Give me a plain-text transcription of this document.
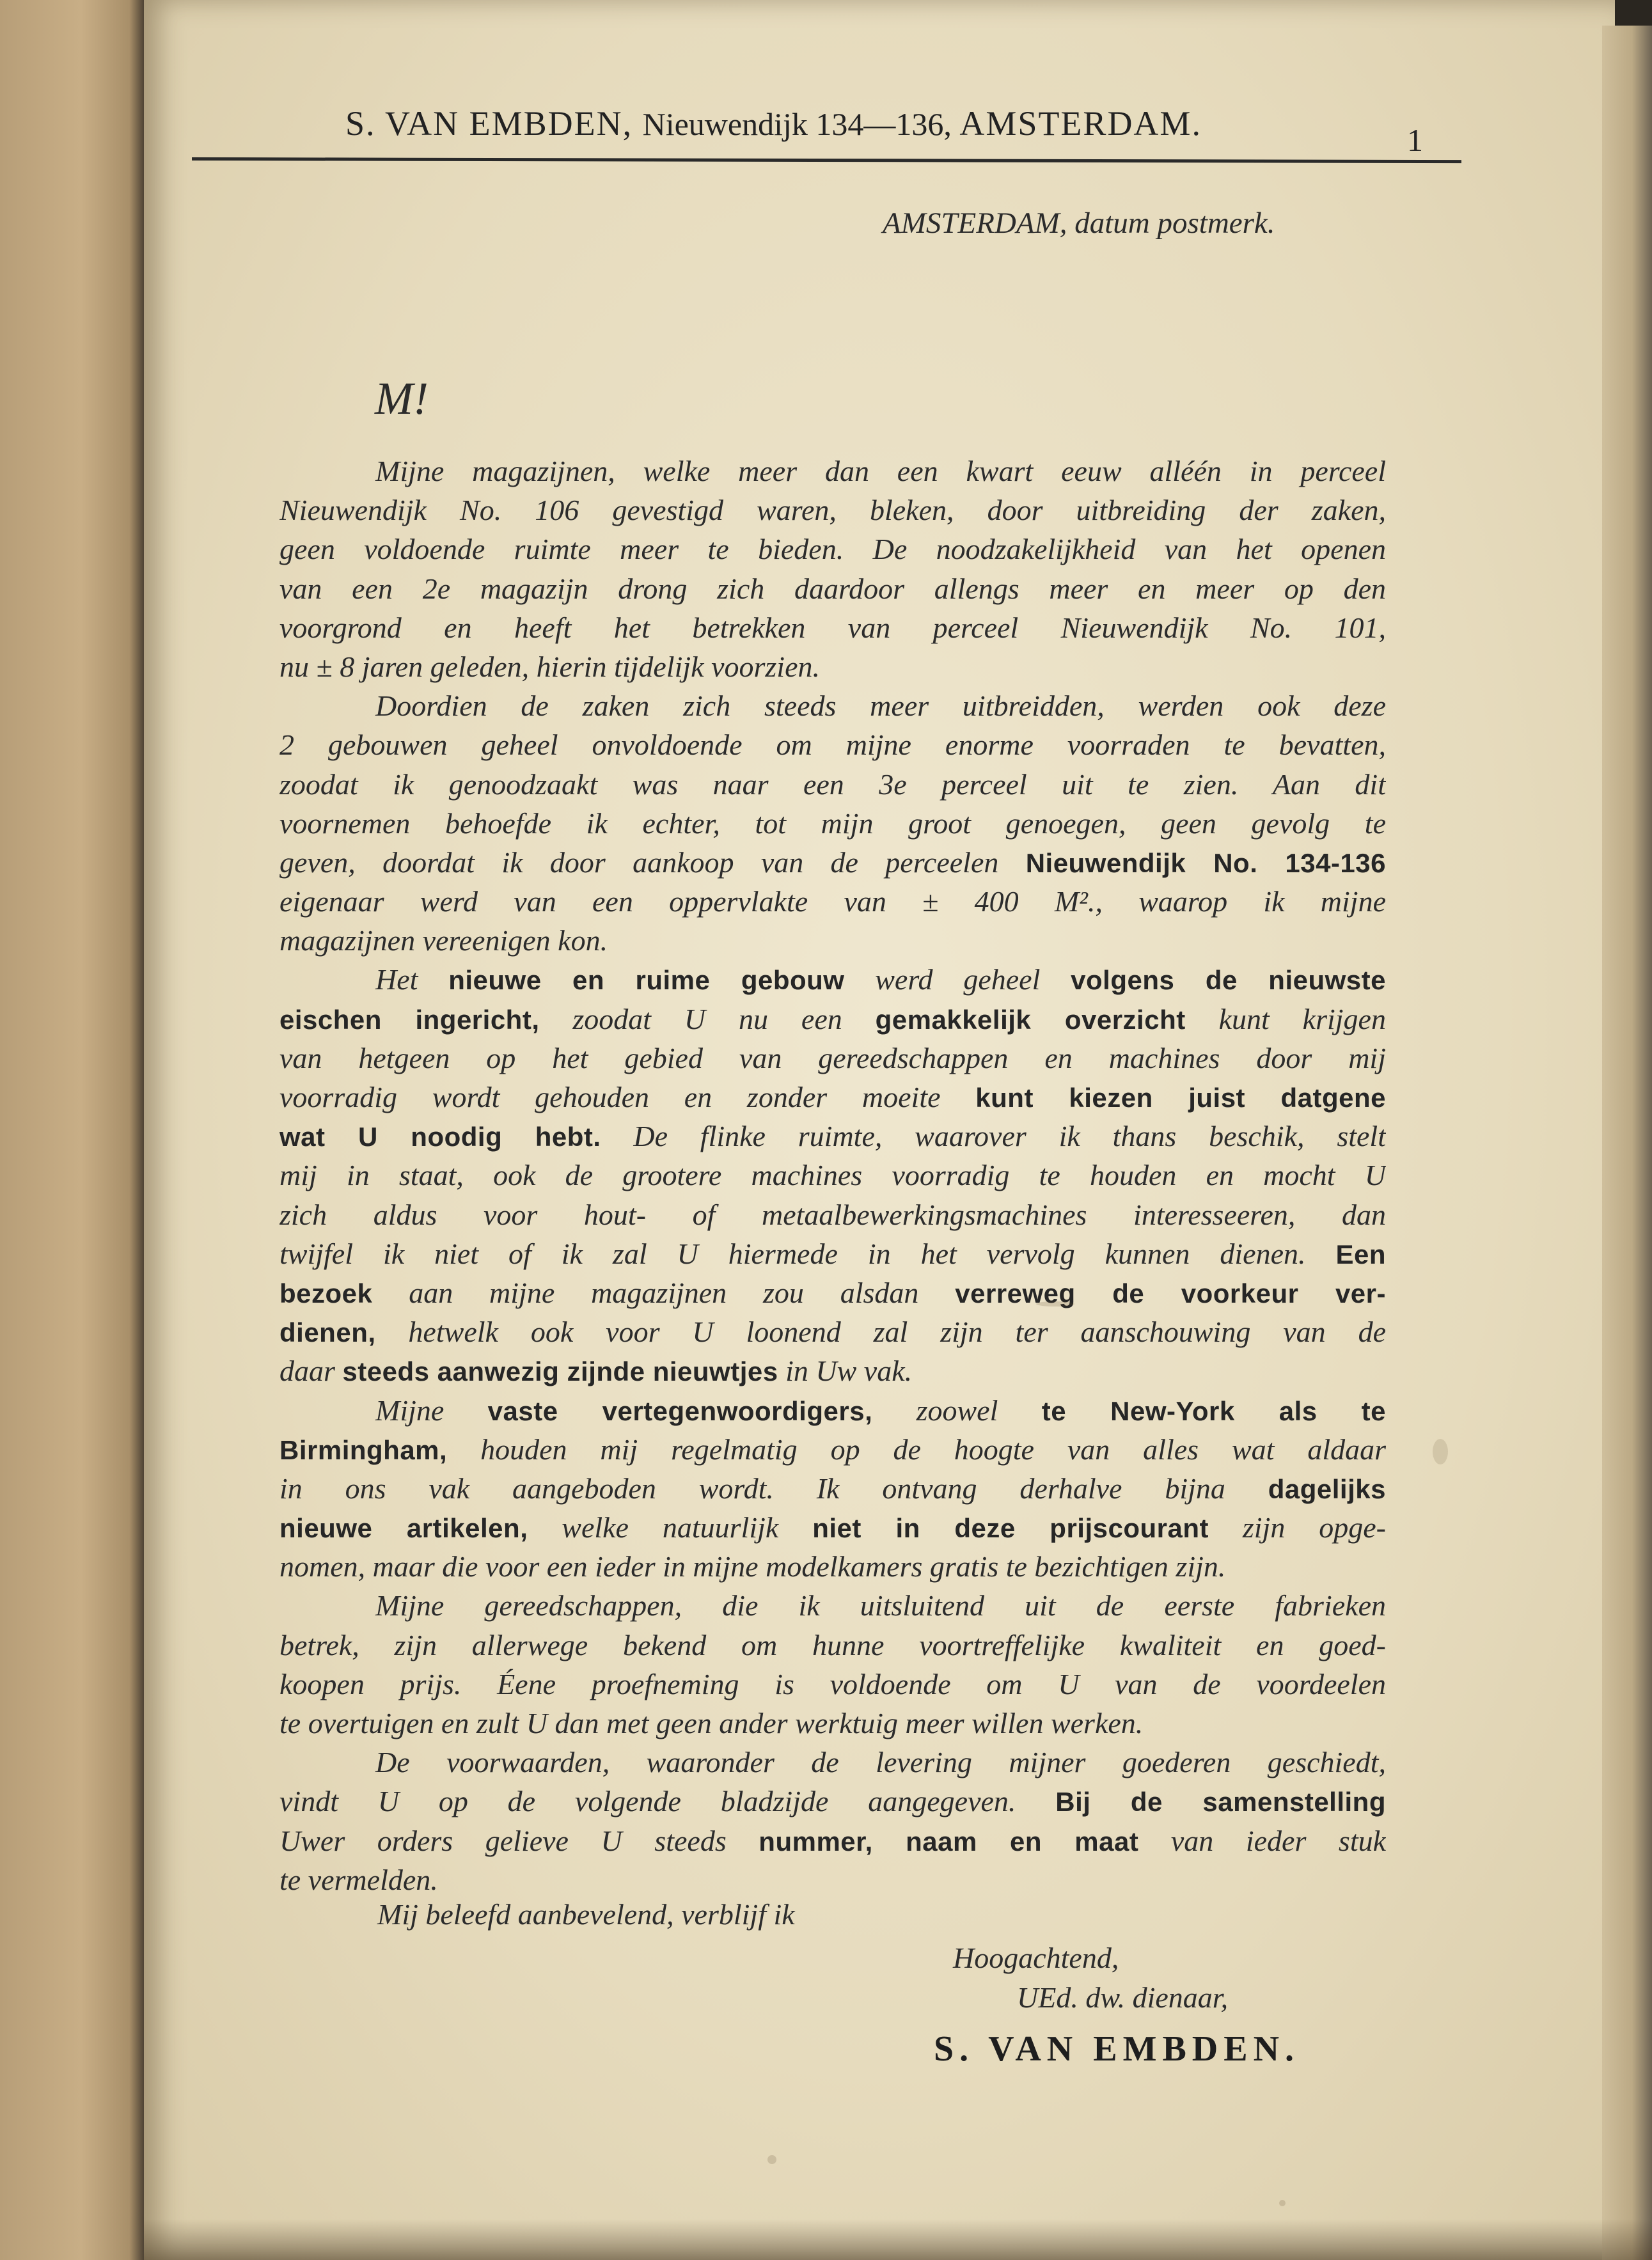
S. VAN EMBDEN, Nieuwendijk 134—136, AMSTERDAM.	1
AMSTERDAM, datum postmerk.
M!
Mijne magazijnen, welke meer dan een kwart eeuw alléén in perceel
Nieuwendijk No. 106 gevestigd waren, bleken, door uitbreiding der zaken,
geen voldoende ruimte meer te bieden. De noodzakelijkheid van het openen
van een 2e magazijn drong zich daardoor allengs meer en meer op den
voorgrond en heeft het betrekken van perceel Nieuwendijk No. 101,
nu ± 8 jaren geleden, hierin tijdelijk voorzien.
Doordien de zaken zich steeds meer uitbreidden, werden ook deze
2 gebouwen geheel onvoldoende om mijne enorme voorraden te bevatten,
zoodat ik genoodzaakt was naar een 3e perceel uit te zien. Aan dit
voornemen behoefde ik echter, tot mijn groot genoegen, geen gevolg te
geven, doordat ik door aankoop van de perceelen Nieuwendijk No. 134-136
eigenaar werd van een oppervlakte van ± 400 M²., waarop ik mijne
magazijnen vereenigen kon.
Het nieuwe en ruime gebouw werd geheel volgens de nieuwste
eischen ingericht, zoodat U nu een gemakkelijk overzicht kunt krijgen
van hetgeen op het gebied van gereedschappen en machines door mij
voorradig wordt gehouden en zonder moeite kunt kiezen juist datgene
wat U noodig hebt. De flinke ruimte, waarover ik thans beschik, stelt
mij in staat, ook de grootere machines voorradig te houden en mocht U
zich aldus voor hout- of metaalbewerkingsmachines interesseeren, dan
twijfel ik niet of ik zal U hiermede in het vervolg kunnen dienen. Een
bezoek aan mijne magazijnen zou alsdan verreweg de voorkeur ver-
dienen, hetwelk ook voor U loonend zal zijn ter aanschouwing van de
daar steeds aanwezig zijnde nieuwtjes in Uw vak.
Mijne vaste vertegenwoordigers, zoowel te New-York als te
Birmingham, houden mij regelmatig op de hoogte van alles wat aldaar
in ons vak aangeboden wordt. Ik ontvang derhalve bijna dagelijks
nieuwe artikelen, welke natuurlijk niet in deze prijscourant zijn opge-
nomen, maar die voor een ieder in mijne modelkamers gratis te bezichtigen zijn.
Mijne gereedschappen, die ik uitsluitend uit de eerste fabrieken
betrek, zijn allerwege bekend om hunne voortreffelijke kwaliteit en goed-
koopen prijs. Éene proefneming is voldoende om U van de voordeelen
te overtuigen en zult U dan met geen ander werktuig meer willen werken.
De voorwaarden, waaronder de levering mijner goederen geschiedt,
vindt U op de volgende bladzijde aangegeven. Bij de samenstelling
Uwer orders gelieve U steeds nummer, naam en maat van ieder stuk
te vermelden.
Mij beleefd aanbevelend, verblijf ik
Hoogachtend,
UEd. dw. dienaar,
S. VAN EMBDEN.
